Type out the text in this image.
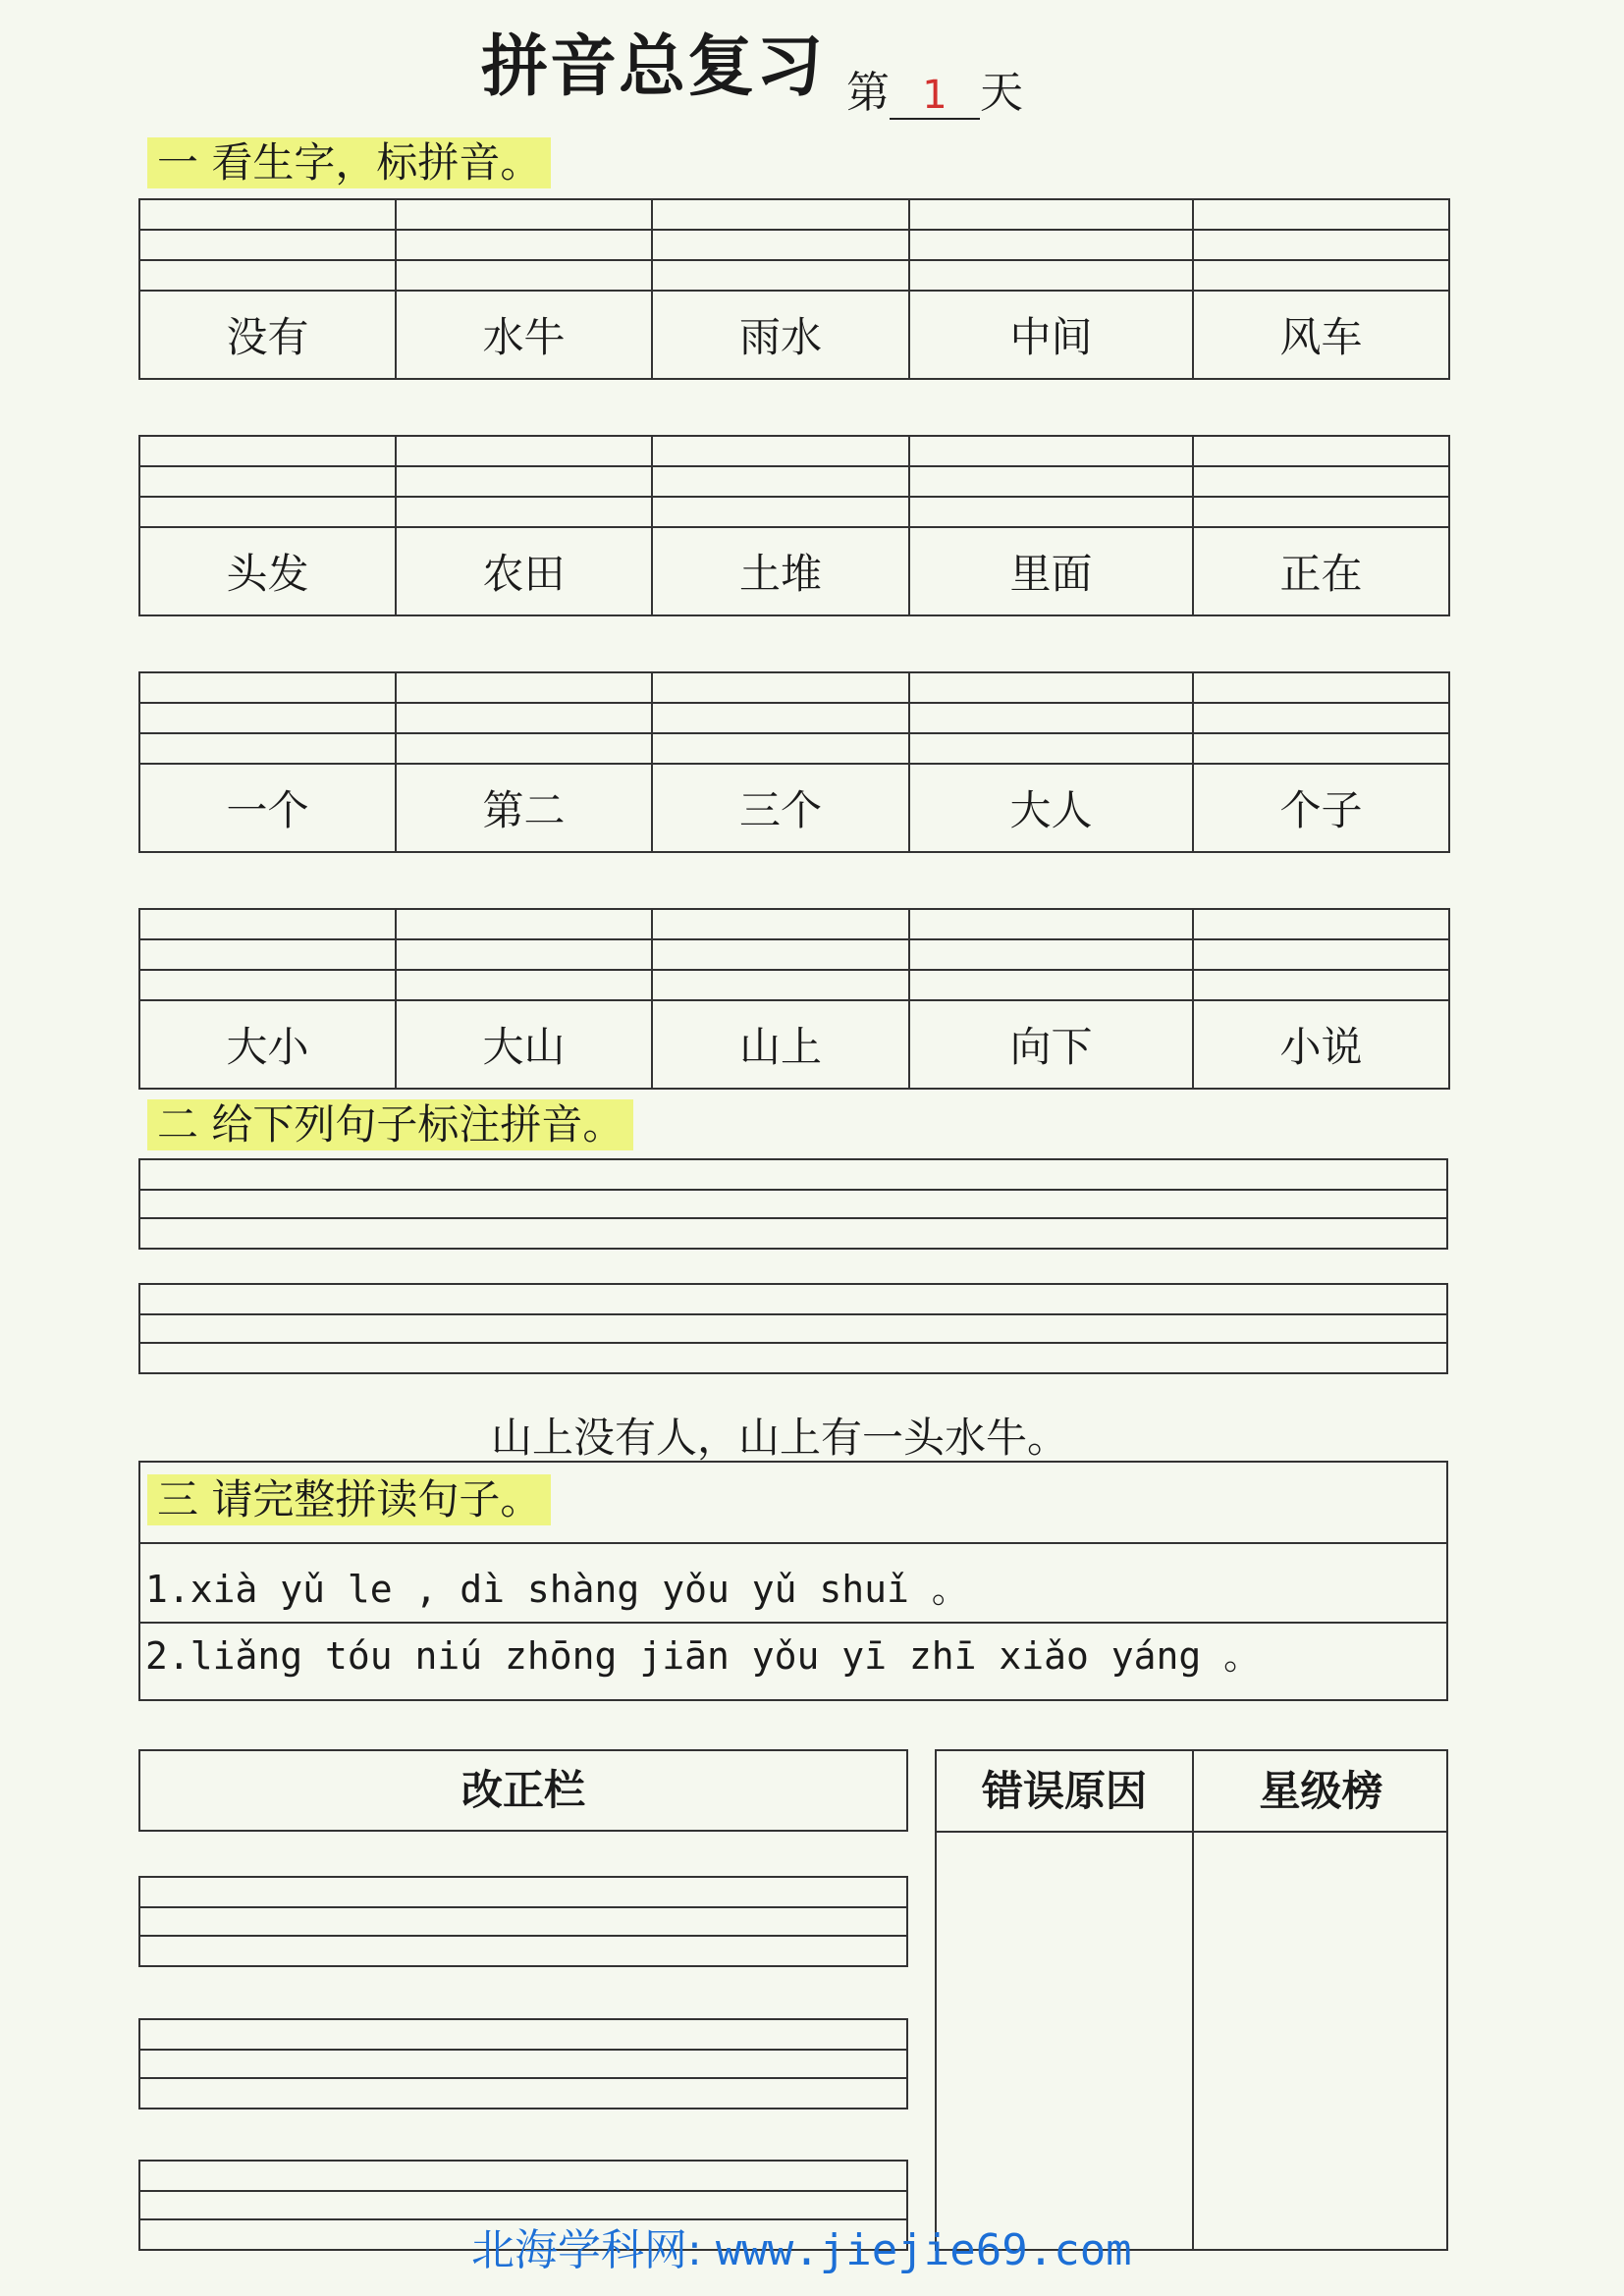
拼音总复习 第 1 天
一 看生字，标拼音。

没有	水牛	雨水	中间	风车

头发	农田	土堆	里面	正在

一个	第二	三个	大人	个子

大小	大山	山上	向下	小说
二 给下列句子标注拼音。
山上没有人，山上有一头水牛。
三 请完整拼读句子。
1.xià yǔ le , dì shàng yǒu yǔ shuǐ 。
2.liǎng tóu niú zhōng jiān yǒu yī zhī xiǎo yáng 。
改正栏	错误原因	星级榜
北海学科网: www.jiejie69.com
